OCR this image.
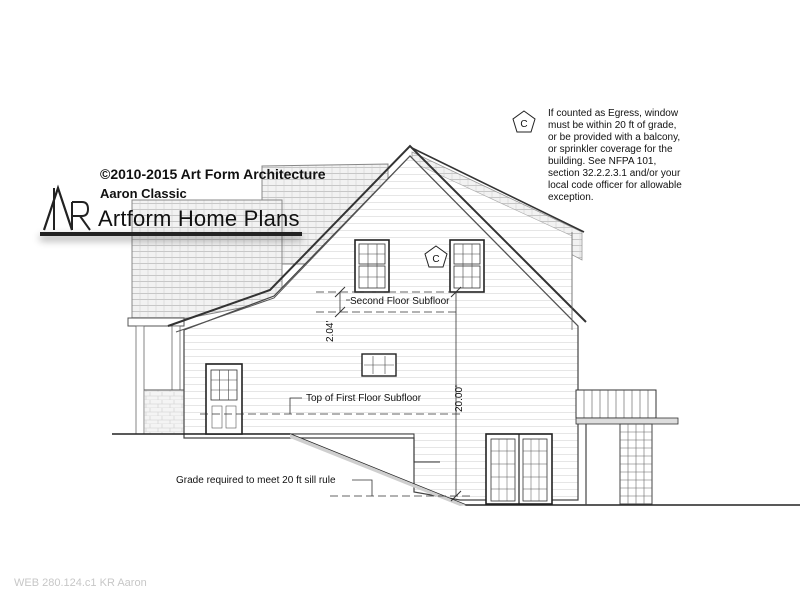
C
C
Second Floor Subfloor
Top of First Floor Subfloor
Grade required to meet 20 ft sill rule
2.04'
20.00'
©2010-2015 Art Form Architecture
Aaron Classic
Artform Home Plans
If counted as Egress, window
must be within 20 ft of grade,
or be provided with a balcony,
or sprinkler coverage for the
building. See NFPA 101,
section 32.2.2.3.1 and/or your
local code officer for allowable
exception.
WEB 280.124.c1 KR Aaron
